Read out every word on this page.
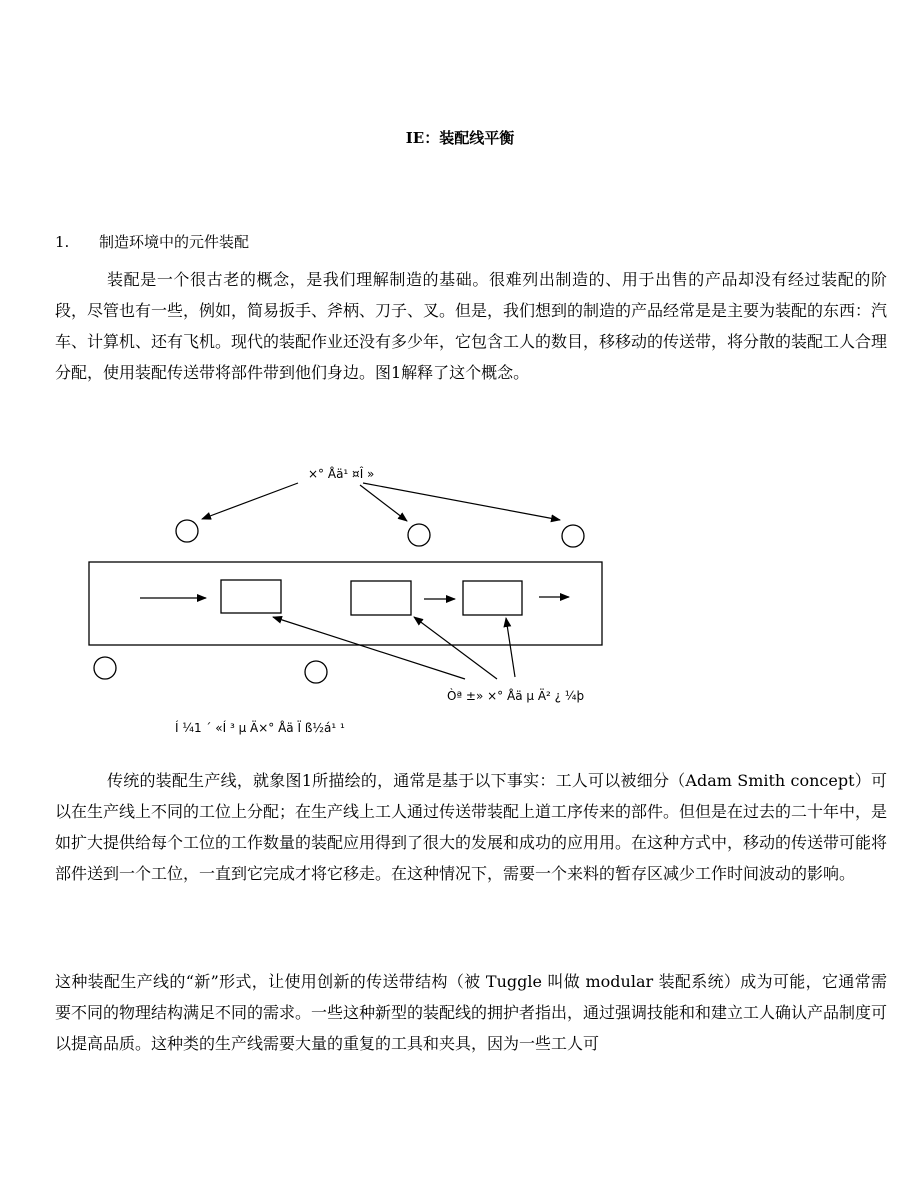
IE：装配线平衡
1. 制造环境中的元件装配
装配是一个很古老的概念，是我们理解制造的基础。很难列出制造的、用于出售的产品却没有经过装配的阶段，尽管也有一些，例如，简易扳手、斧柄、刀子、叉。但是，我们想到的制造的产品经常是是主要为装配的东西：汽车、计算机、还有飞机。现代的装配作业还没有多少年，它包含工人的数目，移移动的传送带，将分散的装配工人合理分配，使用装配传送带将部件带到他们身边。图1解释了这个概念。
×° Åä¹ ¤Î »
Òª ±» ×° Åä µ Ä² ¿ ¼þ
Í ¼1 ´ «Í ³ µ Ä×° Åä Ï ß½á¹ ¹
传统的装配生产线，就象图1所描绘的，通常是基于以下事实：工人可以被细分（Adam Smith concept）可以在生产线上不同的工位上分配；在生产线上工人通过传送带装配上道工序传来的部件。但但是在过去的二十年中，是如扩大提供给每个工位的工作数量的装配应用得到了很大的发展和成功的应用用。在这种方式中，移动的传送带可能将部件送到一个工位，一直到它完成才将它移走。在这种情况下，需要一个来料的暂存区减少工作时间波动的影响。
这种装配生产线的“新”形式，让使用创新的传送带结构（被 Tuggle 叫做 modular 装配系统）成为可能，它通常需要不同的物理结构满足不同的需求。一些这种新型的装配线的拥护者指出，通过强调技能和和建立工人确认产品制度可以提高品质。这种类的生产线需要大量的重复的工具和夹具，因为一些工人可
